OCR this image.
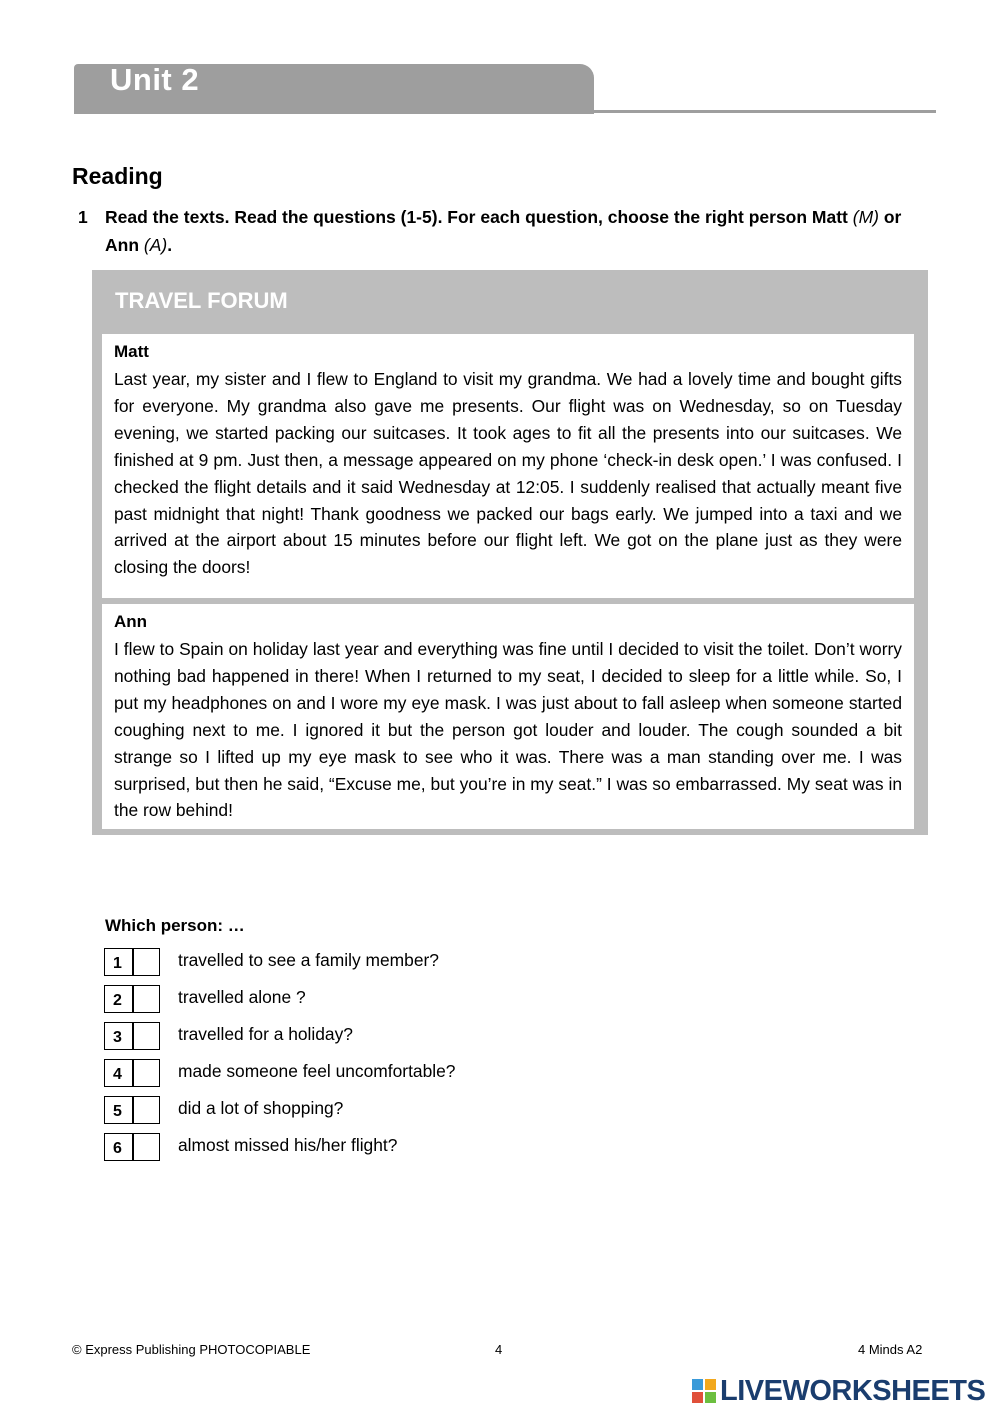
Unit 2
Reading
1 Read the texts. Read the questions (1-5). For each question, choose the right person Matt (M) or Ann (A).
TRAVEL FORUM
Matt
Last year, my sister and I flew to England to visit my grandma. We had a lovely time and bought gifts for everyone. My grandma also gave me presents. Our flight was on Wednesday, so on Tuesday evening, we started packing our suitcases. It took ages to fit all the presents into our suitcases. We finished at 9 pm. Just then, a message appeared on my phone ‘check-in desk open.’ I was confused. I checked the flight details and it said Wednesday at 12:05. I suddenly realised that actually meant five past midnight that night! Thank goodness we packed our bags early. We jumped into a taxi and we arrived at the airport about 15 minutes before our flight left. We got on the plane just as they were closing the doors!
Ann
I flew to Spain on holiday last year and everything was fine until I decided to visit the toilet. Don’t worry nothing bad happened in there! When I returned to my seat, I decided to sleep for a little while. So, I put my headphones on and I wore my eye mask. I was just about to fall asleep when someone started coughing next to me. I ignored it but the person got louder and louder. The cough sounded a bit strange so I lifted up my eye mask to see who it was. There was a man standing over me. I was surprised, but then he said, “Excuse me, but you’re in my seat.” I was so embarrassed. My seat was in the row behind!
Which person: …
1	travelled to see a family member?
2	travelled alone ?
3	travelled for a holiday?
4	made someone feel uncomfortable?
5	did a lot of shopping?
6	almost missed his/her flight?
© Express Publishing PHOTOCOPIABLE	4	4 Minds A2
LIVEWORKSHEETS
